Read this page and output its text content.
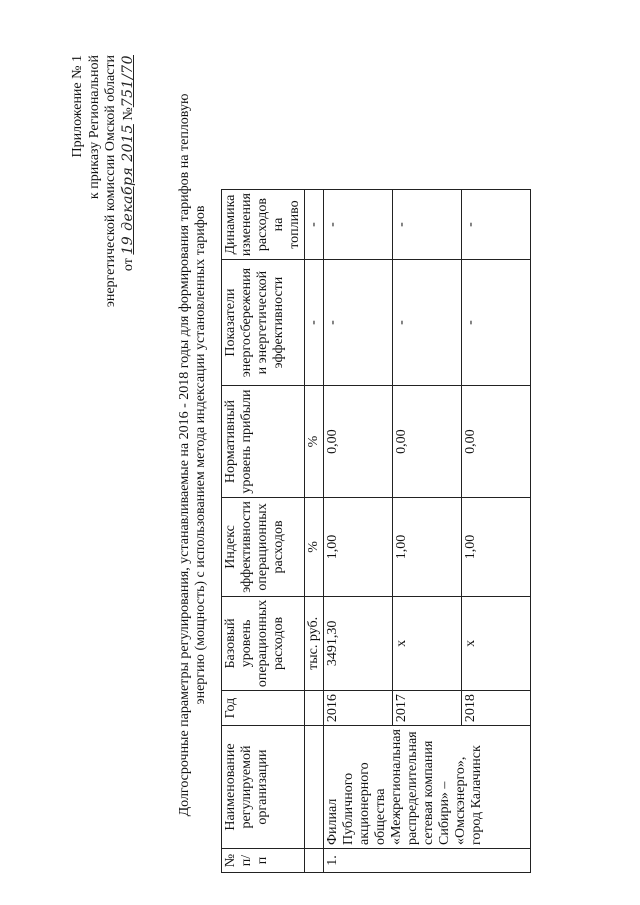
Приложение № 1 к приказу Региональной энергетической комиссии Омской области от 19 декабря 2015 №751/70
Долгосрочные параметры регулирования, устанавливаемые на 2016 - 2018 годы для формирования тарифов на тепловую энергию (мощность) с использованием метода индексации установленных тарифов
№ п/п	Наименование регулируемой организации	Год	Базовый уровень операционных расходов	Индекс эффективности операционных расходов	Нормативный уровень прибыли	Показатели энергосбережения и энергетической эффективности	Динамика изменения расходов на топливо
			тыс. руб.	%	%	-	-
1.	Филиал Публичного акционерного общества «Межрегиональная распределительная сетевая компания Сибири» – «Омскэнерго», город Калачинск	2016	3491,30	1,00	0,00	-	-
		2017	x	1,00	0,00	-	-
		2018	x	1,00	0,00	-	-
